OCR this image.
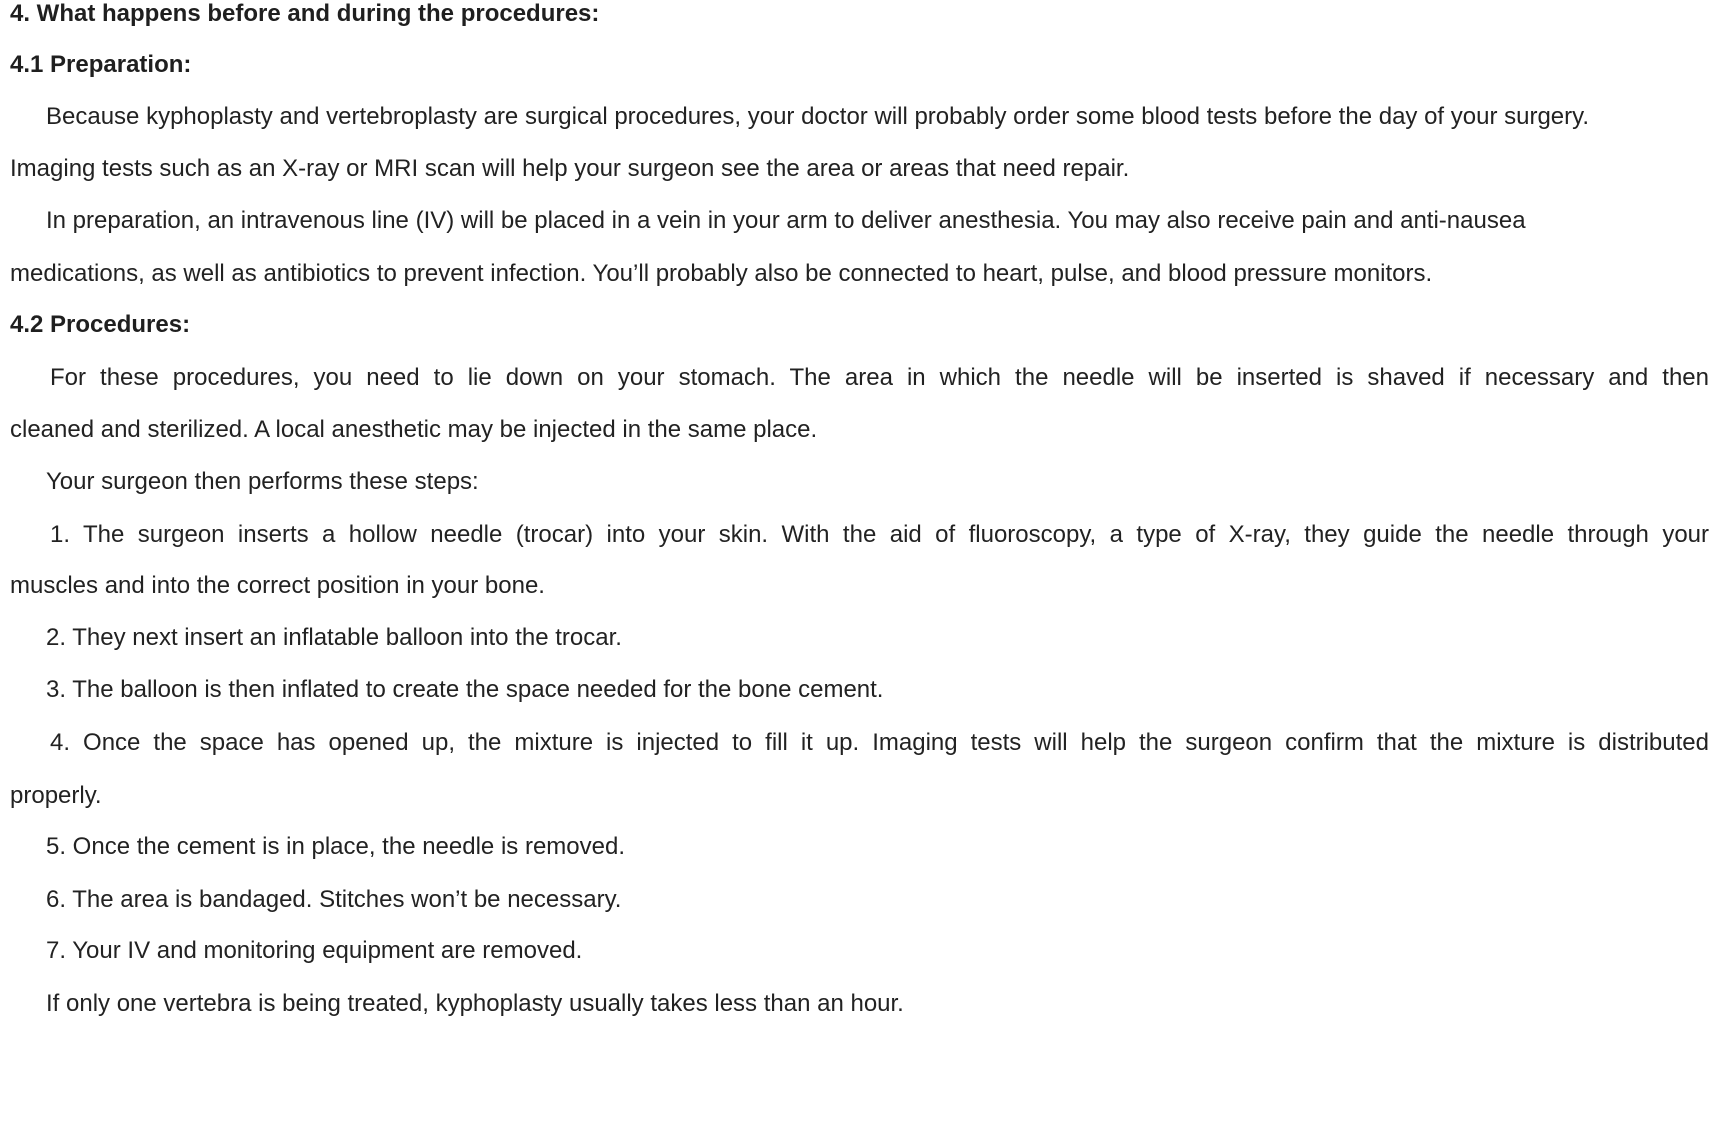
4. What happens before and during the procedures:
4.1 Preparation:
Because kyphoplasty and vertebroplasty are surgical procedures, your doctor will probably order some blood tests before the day of your surgery.
Imaging tests such as an X-ray or MRI scan will help your surgeon see the area or areas that need repair.
In preparation, an intravenous line (IV) will be placed in a vein in your arm to deliver anesthesia. You may also receive pain and anti-nausea
medications, as well as antibiotics to prevent infection. You’ll probably also be connected to heart, pulse, and blood pressure monitors.
4.2 Procedures:
For these procedures, you need to lie down on your stomach. The area in which the needle will be inserted is shaved if necessary and then
cleaned and sterilized. A local anesthetic may be injected in the same place.
Your surgeon then performs these steps:
1. The surgeon inserts a hollow needle (trocar) into your skin. With the aid of fluoroscopy, a type of X-ray, they guide the needle through your
muscles and into the correct position in your bone.
2. They next insert an inflatable balloon into the trocar.
3. The balloon is then inflated to create the space needed for the bone cement.
4. Once the space has opened up, the mixture is injected to fill it up. Imaging tests will help the surgeon confirm that the mixture is distributed
properly.
5. Once the cement is in place, the needle is removed.
6. The area is bandaged. Stitches won’t be necessary.
7. Your IV and monitoring equipment are removed.
If only one vertebra is being treated, kyphoplasty usually takes less than an hour.
